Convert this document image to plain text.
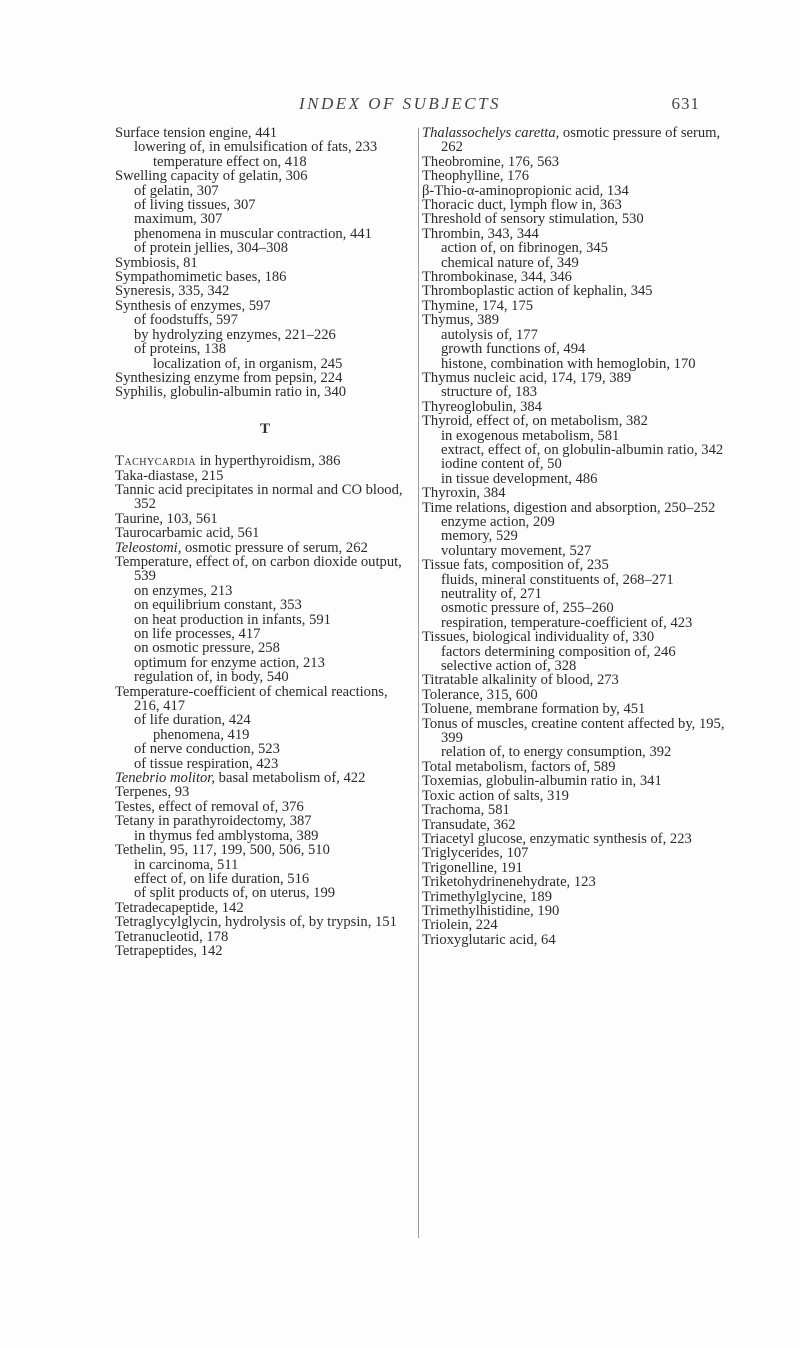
INDEX OF SUBJECTS	631

Surface tension engine, 441

lowering of, in emulsification of fats, 233

temperature effect on, 418

Swelling capacity of gelatin, 306

of gelatin, 307

of living tissues, 307

maximum, 307

phenomena in muscular contraction, 441

of protein jellies, 304–308

Symbiosis, 81

Sympathomimetic bases, 186

Syneresis, 335, 342

Synthesis of enzymes, 597

of foodstuffs, 597

by hydrolyzing enzymes, 221–226

of proteins, 138

localization of, in organism, 245

Synthesizing enzyme from pepsin, 224

Syphilis, globulin-albumin ratio in, 340

T

Tachycardia in hyperthyroidism, 386

Taka-diastase, 215

Tannic acid precipitates in normal and CO blood, 352

Taurine, 103, 561

Taurocarbamic acid, 561

Teleostomi, osmotic pressure of serum, 262

Temperature, effect of, on carbon dioxide output, 539

on enzymes, 213

on equilibrium constant, 353

on heat production in infants, 591

on life processes, 417

on osmotic pressure, 258

optimum for enzyme action, 213

regulation of, in body, 540

Temperature-coefficient of chemical reactions, 216, 417

of life duration, 424

phenomena, 419

of nerve conduction, 523

of tissue respiration, 423

Tenebrio molitor, basal metabolism of, 422

Terpenes, 93

Testes, effect of removal of, 376

Tetany in parathyroidectomy, 387

in thymus fed amblystoma, 389

Tethelin, 95, 117, 199, 500, 506, 510

in carcinoma, 511

effect of, on life duration, 516

of split products of, on uterus, 199

Tetradecapeptide, 142

Tetraglycylglycin, hydrolysis of, by trypsin, 151

Tetranucleotid, 178

Tetrapeptides, 142

Thalassochelys caretta, osmotic pressure of serum, 262

Theobromine, 176, 563

Theophylline, 176

β-Thio-α-aminopropionic acid, 134

Thoracic duct, lymph flow in, 363

Threshold of sensory stimulation, 530

Thrombin, 343, 344

action of, on fibrinogen, 345

chemical nature of, 349

Thrombokinase, 344, 346

Thromboplastic action of kephalin, 345

Thymine, 174, 175

Thymus, 389

autolysis of, 177

growth functions of, 494

histone, combination with hemoglobin, 170

Thymus nucleic acid, 174, 179, 389

structure of, 183

Thyreoglobulin, 384

Thyroid, effect of, on metabolism, 382

in exogenous metabolism, 581

extract, effect of, on globulin-albumin ratio, 342

iodine content of, 50

in tissue development, 486

Thyroxin, 384

Time relations, digestion and absorption, 250–252

enzyme action, 209

memory, 529

voluntary movement, 527

Tissue fats, composition of, 235

fluids, mineral constituents of, 268–271

neutrality of, 271

osmotic pressure of, 255–260

respiration, temperature-coefficient of, 423

Tissues, biological individuality of, 330

factors determining composition of, 246

selective action of, 328

Titratable alkalinity of blood, 273

Tolerance, 315, 600

Toluene, membrane formation by, 451

Tonus of muscles, creatine content affected by, 195, 399

relation of, to energy consumption, 392

Total metabolism, factors of, 589

Toxemias, globulin-albumin ratio in, 341

Toxic action of salts, 319

Trachoma, 581

Transudate, 362

Triacetyl glucose, enzymatic synthesis of, 223

Triglycerides, 107

Trigonelline, 191

Triketohydrinenehydrate, 123

Trimethylglycine, 189

Trimethylhistidine, 190

Triolein, 224

Trioxyglutaric acid, 64
